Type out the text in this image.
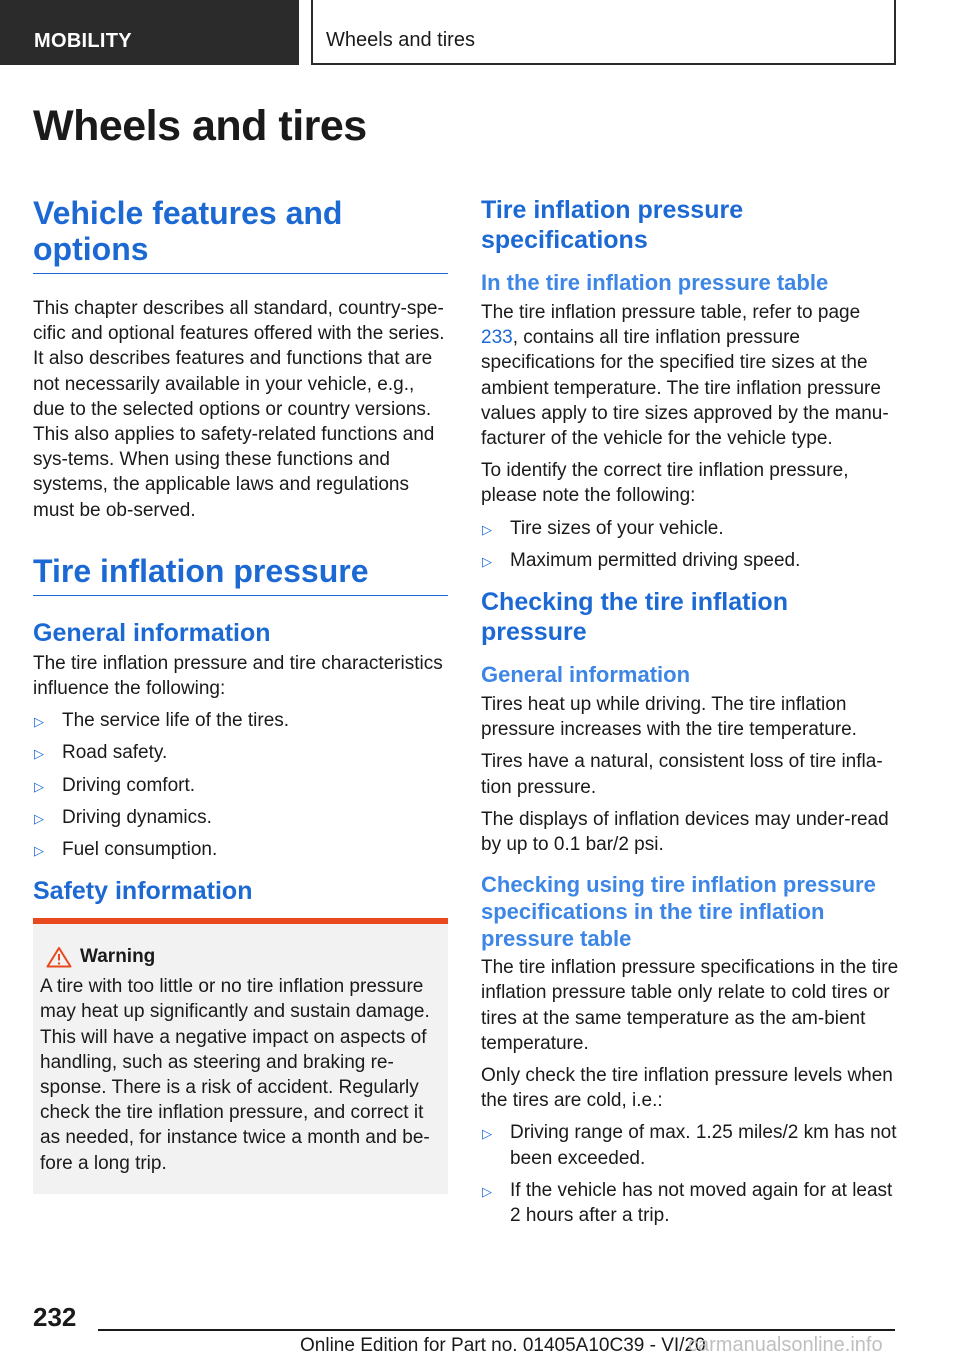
MOBILITY	Wheels and tires
Wheels and tires
Vehicle features and options

This chapter describes all standard, country-spe-cific and optional features offered with the series. It also describes features and functions that are not necessarily available in your vehicle, e.g., due to the selected options or country versions. This also applies to safety-related functions and sys-tems. When using these functions and systems, the applicable laws and regulations must be ob-served.

Tire inflation pressure
General information

The tire inflation pressure and tire characteristics influence the following:

▷ The service life of the tires.
▷ Road safety.
▷ Driving comfort.
▷ Driving dynamics.
▷ Fuel consumption.
Safety information
Warning

A tire with too little or no tire inflation pressure may heat up significantly and sustain damage. This will have a negative impact on aspects of handling, such as steering and braking re-sponse. There is a risk of accident. Regularly check the tire inflation pressure, and correct it as needed, for instance twice a month and be-fore a long trip.

Tire inflation pressure specifications
In the tire inflation pressure table

The tire inflation pressure table, refer to page 233, contains all tire inflation pressure specifications for the specified tire sizes at the ambient temperature. The tire inflation pressure values apply to tire sizes approved by the manu-facturer of the vehicle for the vehicle type.

To identify the correct tire inflation pressure, please note the following:

▷ Tire sizes of your vehicle.
▷ Maximum permitted driving speed.
Checking the tire inflation pressure
General information

Tires heat up while driving. The tire inflation pressure increases with the tire temperature.

Tires have a natural, consistent loss of tire infla-tion pressure.

The displays of inflation devices may under-read by up to 0.1 bar/2 psi.

Checking using tire inflation pressure specifications in the tire inflation pressure table

The tire inflation pressure specifications in the tire inflation pressure table only relate to cold tires or tires at the same temperature as the am-bient temperature.

Only check the tire inflation pressure levels when the tires are cold, i.e.:

▷ Driving range of max. 1.25 miles/2 km has not been exceeded.
▷ If the vehicle has not moved again for at least 2 hours after a trip.
232
Online Edition for Part no. 01405A10C39 - VI/20
carmanualsonline.info
